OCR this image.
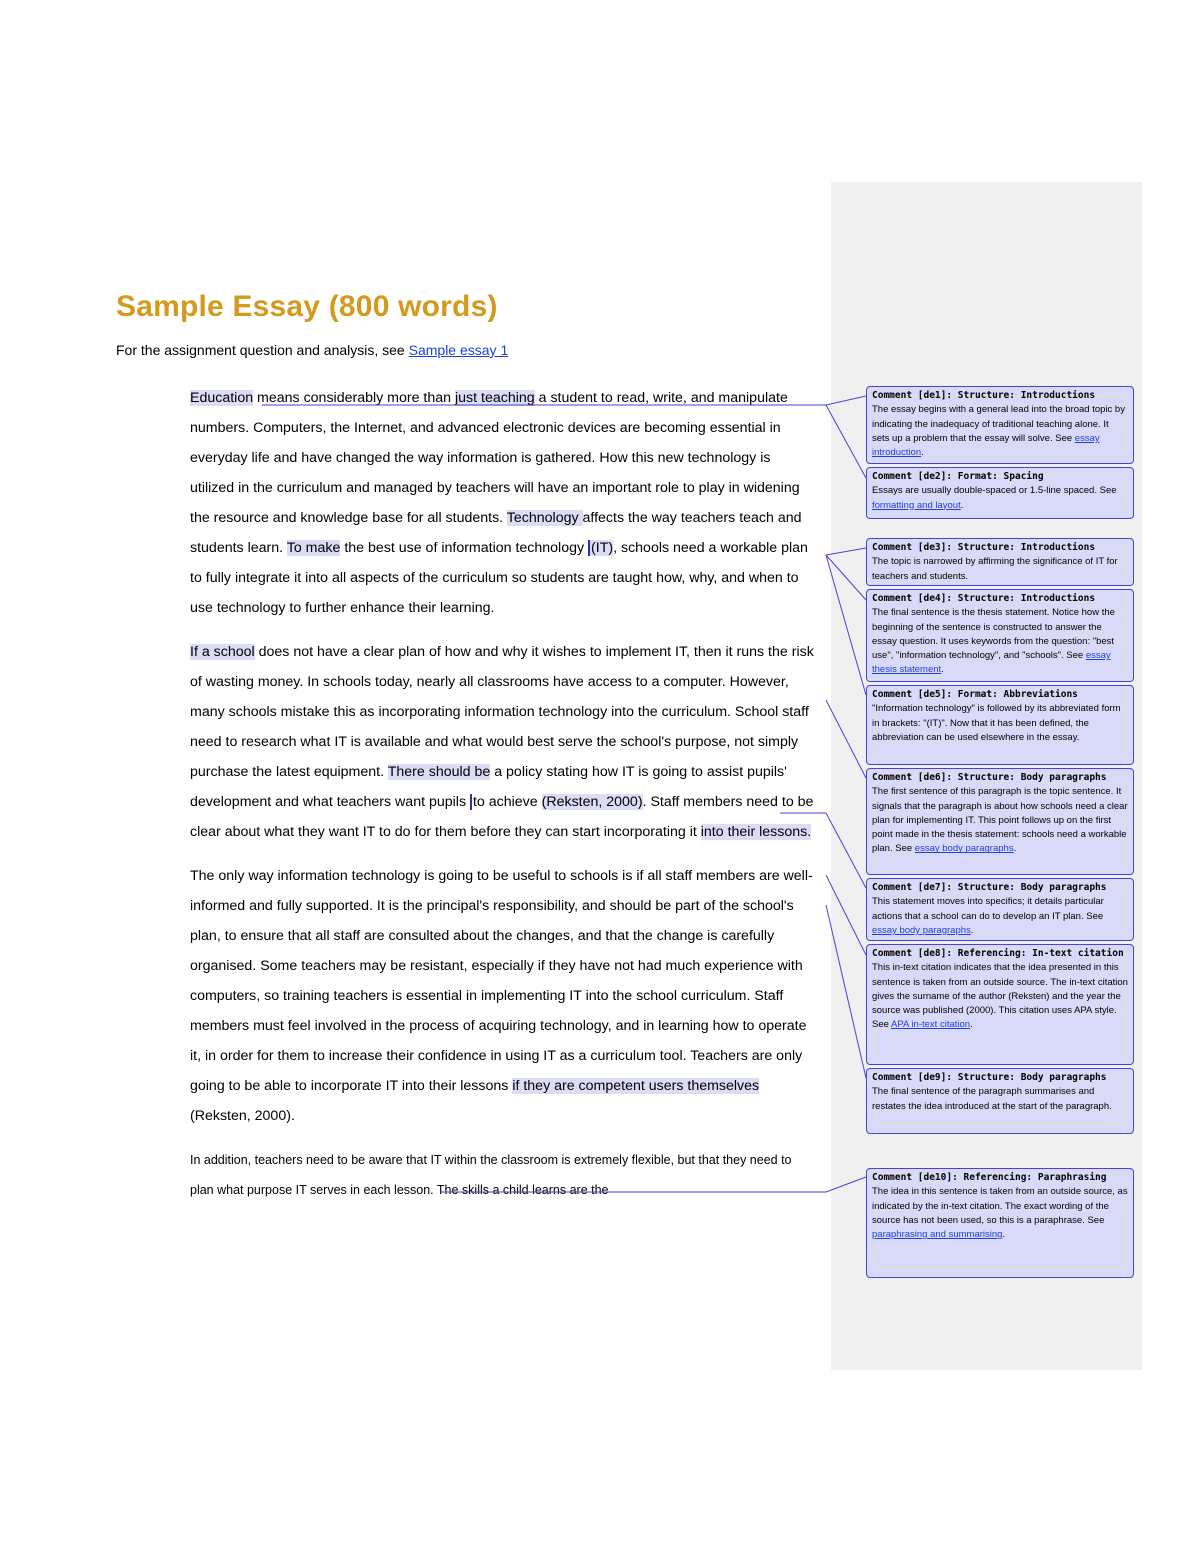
Sample Essay (800 words)
For the assignment question and analysis, see Sample essay 1

Education means considerably more than just teaching a student to read, write, and manipulate numbers. Computers, the Internet, and advanced electronic devices are becoming essential in everyday life and have changed the way information is gathered. How this new technology is utilized in the curriculum and managed by teachers will have an important role to play in widening the resource and knowledge base for all students. Technology affects the way teachers teach and students learn. To make the best use of information technology (IT), schools need a workable plan to fully integrate it into all aspects of the curriculum so students are taught how, why, and when to use technology to further enhance their learning.

If a school does not have a clear plan of how and why it wishes to implement IT, then it runs the risk of wasting money. In schools today, nearly all classrooms have access to a computer. However, many schools mistake this as incorporating information technology into the curriculum. School staff need to research what IT is available and what would best serve the school's purpose, not simply purchase the latest equipment. There should be a policy stating how IT is going to assist pupils' development and what teachers want pupils to achieve (Reksten, 2000). Staff members need to be clear about what they want IT to do for them before they can start incorporating it into their lessons.

The only way information technology is going to be useful to schools is if all staff members are well-informed and fully supported. It is the principal's responsibility, and should be part of the school's plan, to ensure that all staff are consulted about the changes, and that the change is carefully organised. Some teachers may be resistant, especially if they have not had much experience with computers, so training teachers is essential in implementing IT into the school curriculum. Staff members must feel involved in the process of acquiring technology, and in learning how to operate it, in order for them to increase their confidence in using IT as a curriculum tool. Teachers are only going to be able to incorporate IT into their lessons if they are competent users themselves (Reksten, 2000).

In addition, teachers need to be aware that IT within the classroom is extremely flexible, but that they need to plan what purpose IT serves in each lesson. The skills a child learns are the

Comment [de1]: Structure: Introductions
The essay begins with a general lead into the broad topic by indicating the inadequacy of traditional teaching alone. It sets up a problem that the essay will solve. See essay introduction.
Comment [de2]: Format: Spacing
Essays are usually double-spaced or 1.5-line spaced. See formatting and layout.
Comment [de3]: Structure: Introductions
The topic is narrowed by affirming the significance of IT for teachers and students.
Comment [de4]: Structure: Introductions
The final sentence is the thesis statement. Notice how the beginning of the sentence is constructed to answer the essay question. It uses keywords from the question: "best use", "information technology", and "schools". See essay thesis statement.
Comment [de5]: Format: Abbreviations
"Information technology" is followed by its abbreviated form in brackets: "(IT)". Now that it has been defined, the abbreviation can be used elsewhere in the essay.
Comment [de6]: Structure: Body paragraphs
The first sentence of this paragraph is the topic sentence. It signals that the paragraph is about how schools need a clear plan for implementing IT. This point follows up on the first point made in the thesis statement: schools need a workable plan. See essay body paragraphs.
Comment [de7]: Structure: Body paragraphs
This statement moves into specifics; it details particular actions that a school can do to develop an IT plan. See essay body paragraphs.
Comment [de8]: Referencing: In-text citation
This in-text citation indicates that the idea presented in this sentence is taken from an outside source. The in-text citation gives the surname of the author (Reksten) and the year the source was published (2000). This citation uses APA style. See APA in-text citation.
Comment [de9]: Structure: Body paragraphs
The final sentence of the paragraph summarises and restates the idea introduced at the start of the paragraph.
Comment [de10]: Referencing: Paraphrasing
The idea in this sentence is taken from an outside source, as indicated by the in-text citation. The exact wording of the source has not been used, so this is a paraphrase. See paraphrasing and summarising.
